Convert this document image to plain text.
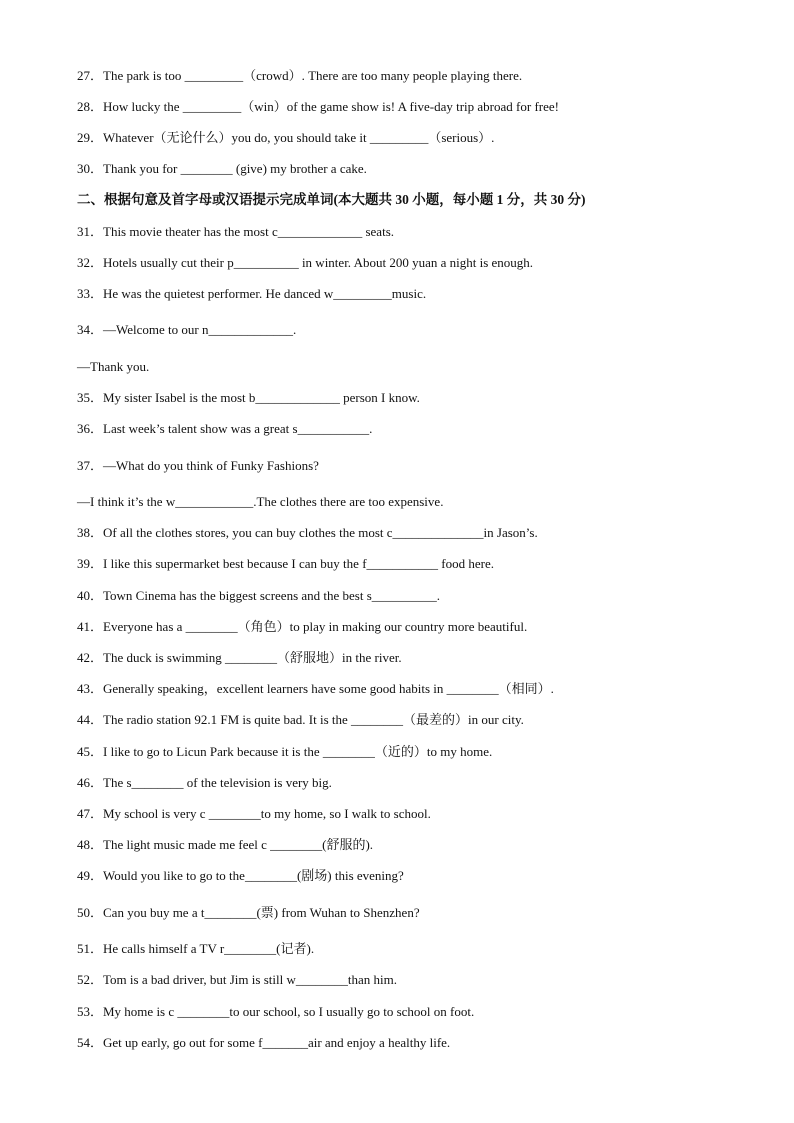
27．The park is too _________（crowd）. There are too many people playing there.
28．How lucky the _________（win）of the game show is! A five-day trip abroad for free!
29．Whatever（无论什么）you do, you should take it _________（serious）.
30．Thank you for ________ (give) my brother a cake.
二、根据句意及首字母或汉语提示完成单词(本大题共 30 小题，每小题 1 分，共 30 分)
31．This movie theater has the most c_____________ seats.
32．Hotels usually cut their p__________ in winter. About 200 yuan a night is enough.
33．He was the quietest performer. He danced w_________music.
34．—Welcome to our n_____________.
—Thank you.
35．My sister Isabel is the most b_____________ person I know.
36．Last week’s talent show was a great s___________.
37．—What do you think of Funky Fashions?
—I think it’s the w____________.The clothes there are too expensive.
38．Of all the clothes stores, you can buy clothes the most c______________in Jason’s.
39．I like this supermarket best because I can buy the f___________ food here.
40．Town Cinema has the biggest screens and the best s__________.
41．Everyone has a ________（角色）to play in making our country more beautiful.
42．The duck is swimming ________（舒服地）in the river.
43．Generally speaking，excellent learners have some good habits in ________（相同）.
44．The radio station 92.1 FM is quite bad. It is the ________（最差的）in our city.
45．I like to go to Licun Park because it is the ________（近的）to my home.
46．The s________ of the television is very big.
47．My school is very c ________to my home, so I walk to school.
48．The light music made me feel c ________(舒服的).
49．Would you like to go to the________(剧场) this evening?
50．Can you buy me a t________(票) from Wuhan to Shenzhen?
51．He calls himself a TV r________(记者).
52．Tom is a bad driver, but Jim is still w________than him.
53．My home is c ________to our school, so I usually go to school on foot.
54．Get up early, go out for some f_______air and enjoy a healthy life.
